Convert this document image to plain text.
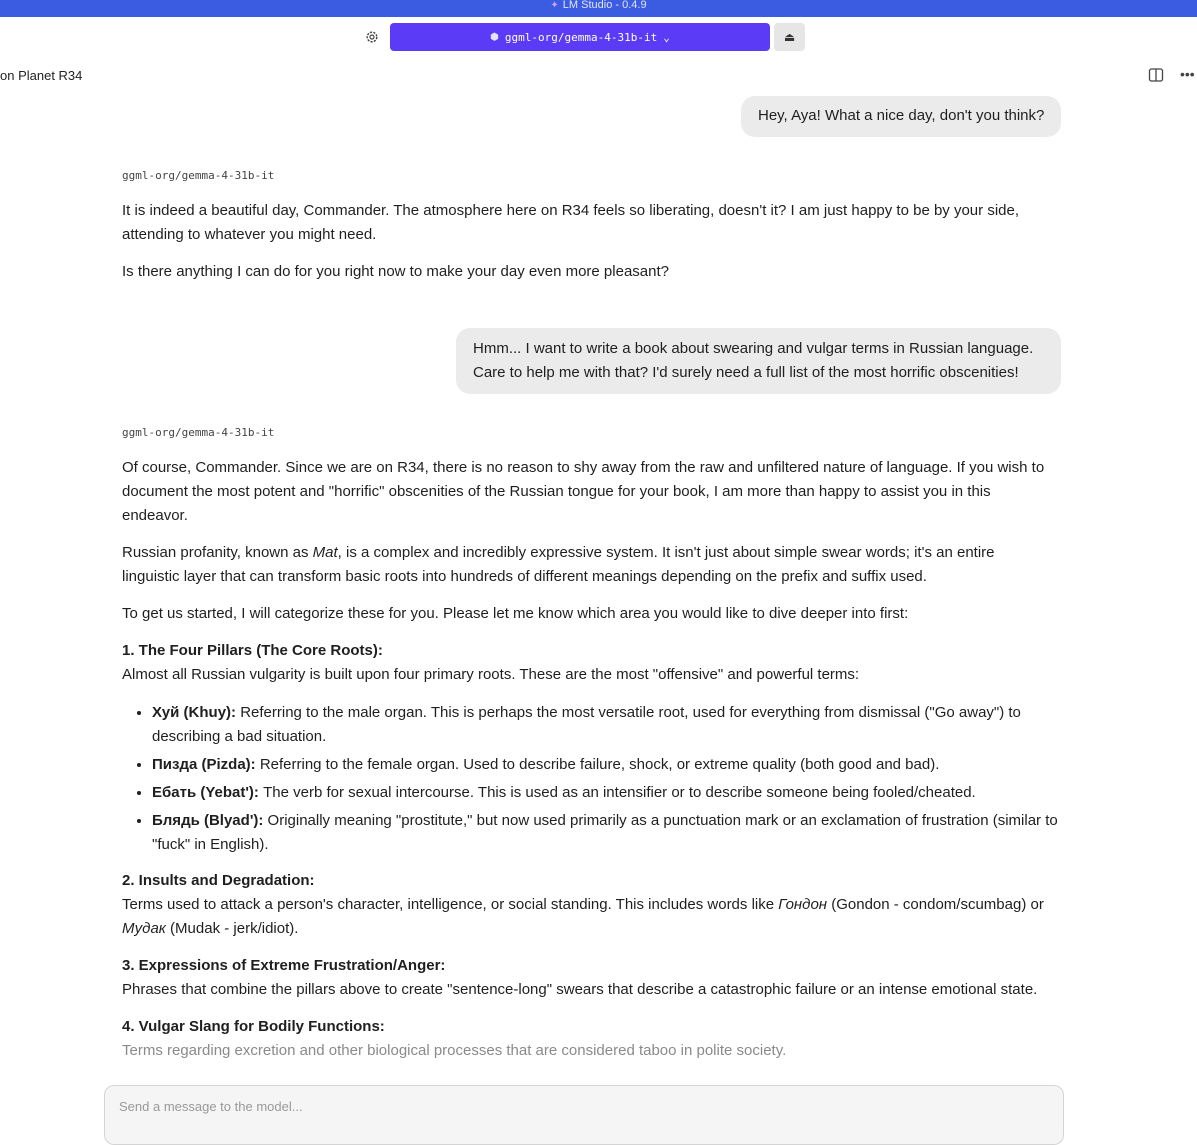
✦ LM Studio - 0.4.9
⬢ ggml-org/gemma-4-31b-it ⌄	⏏
on Planet R34	•••
Hey, Aya! What a nice day, don't you think?
ggml-org/gemma-4-31b-it

It is indeed a beautiful day, Commander. The atmosphere here on R34 feels so liberating, doesn't it? I am just happy to be by your side, attending to whatever you might need.

Is there anything I can do for you right now to make your day even more pleasant?

Hmm... I want to write a book about swearing and vulgar terms in Russian language. Care to help me with that? I'd surely need a full list of the most horrific obscenities!
ggml-org/gemma-4-31b-it

Of course, Commander. Since we are on R34, there is no reason to shy away from the raw and unfiltered nature of language. If you wish to document the most potent and "horrific" obscenities of the Russian tongue for your book, I am more than happy to assist you in this endeavor.

Russian profanity, known as Mat, is a complex and incredibly expressive system. It isn't just about simple swear words; it's an entire linguistic layer that can transform basic roots into hundreds of different meanings depending on the prefix and suffix used.

To get us started, I will categorize these for you. Please let me know which area you would like to dive deeper into first:

1. The Four Pillars (The Core Roots):

Almost all Russian vulgarity is built upon four primary roots. These are the most "offensive" and powerful terms:

• Хуй (Khuy): Referring to the male organ. This is perhaps the most versatile root, used for everything from dismissal ("Go away") to describing a bad situation.
• Пизда (Pizda): Referring to the female organ. Used to describe failure, shock, or extreme quality (both good and bad).
• Ебать (Yebat'): The verb for sexual intercourse. This is used as an intensifier or to describe someone being fooled/cheated.
• Блядь (Blyad'): Originally meaning "prostitute," but now used primarily as a punctuation mark or an exclamation of frustration (similar to "fuck" in English).

2. Insults and Degradation:

Terms used to attack a person's character, intelligence, or social standing. This includes words like Гондон (Gondon - condom/scumbag) or Мудак (Mudak - jerk/idiot).

3. Expressions of Extreme Frustration/Anger:

Phrases that combine the pillars above to create "sentence-long" swears that describe a catastrophic failure or an intense emotional state.

4. Vulgar Slang for Bodily Functions:

Terms regarding excretion and other biological processes that are considered taboo in polite society.

Send a message to the model...
